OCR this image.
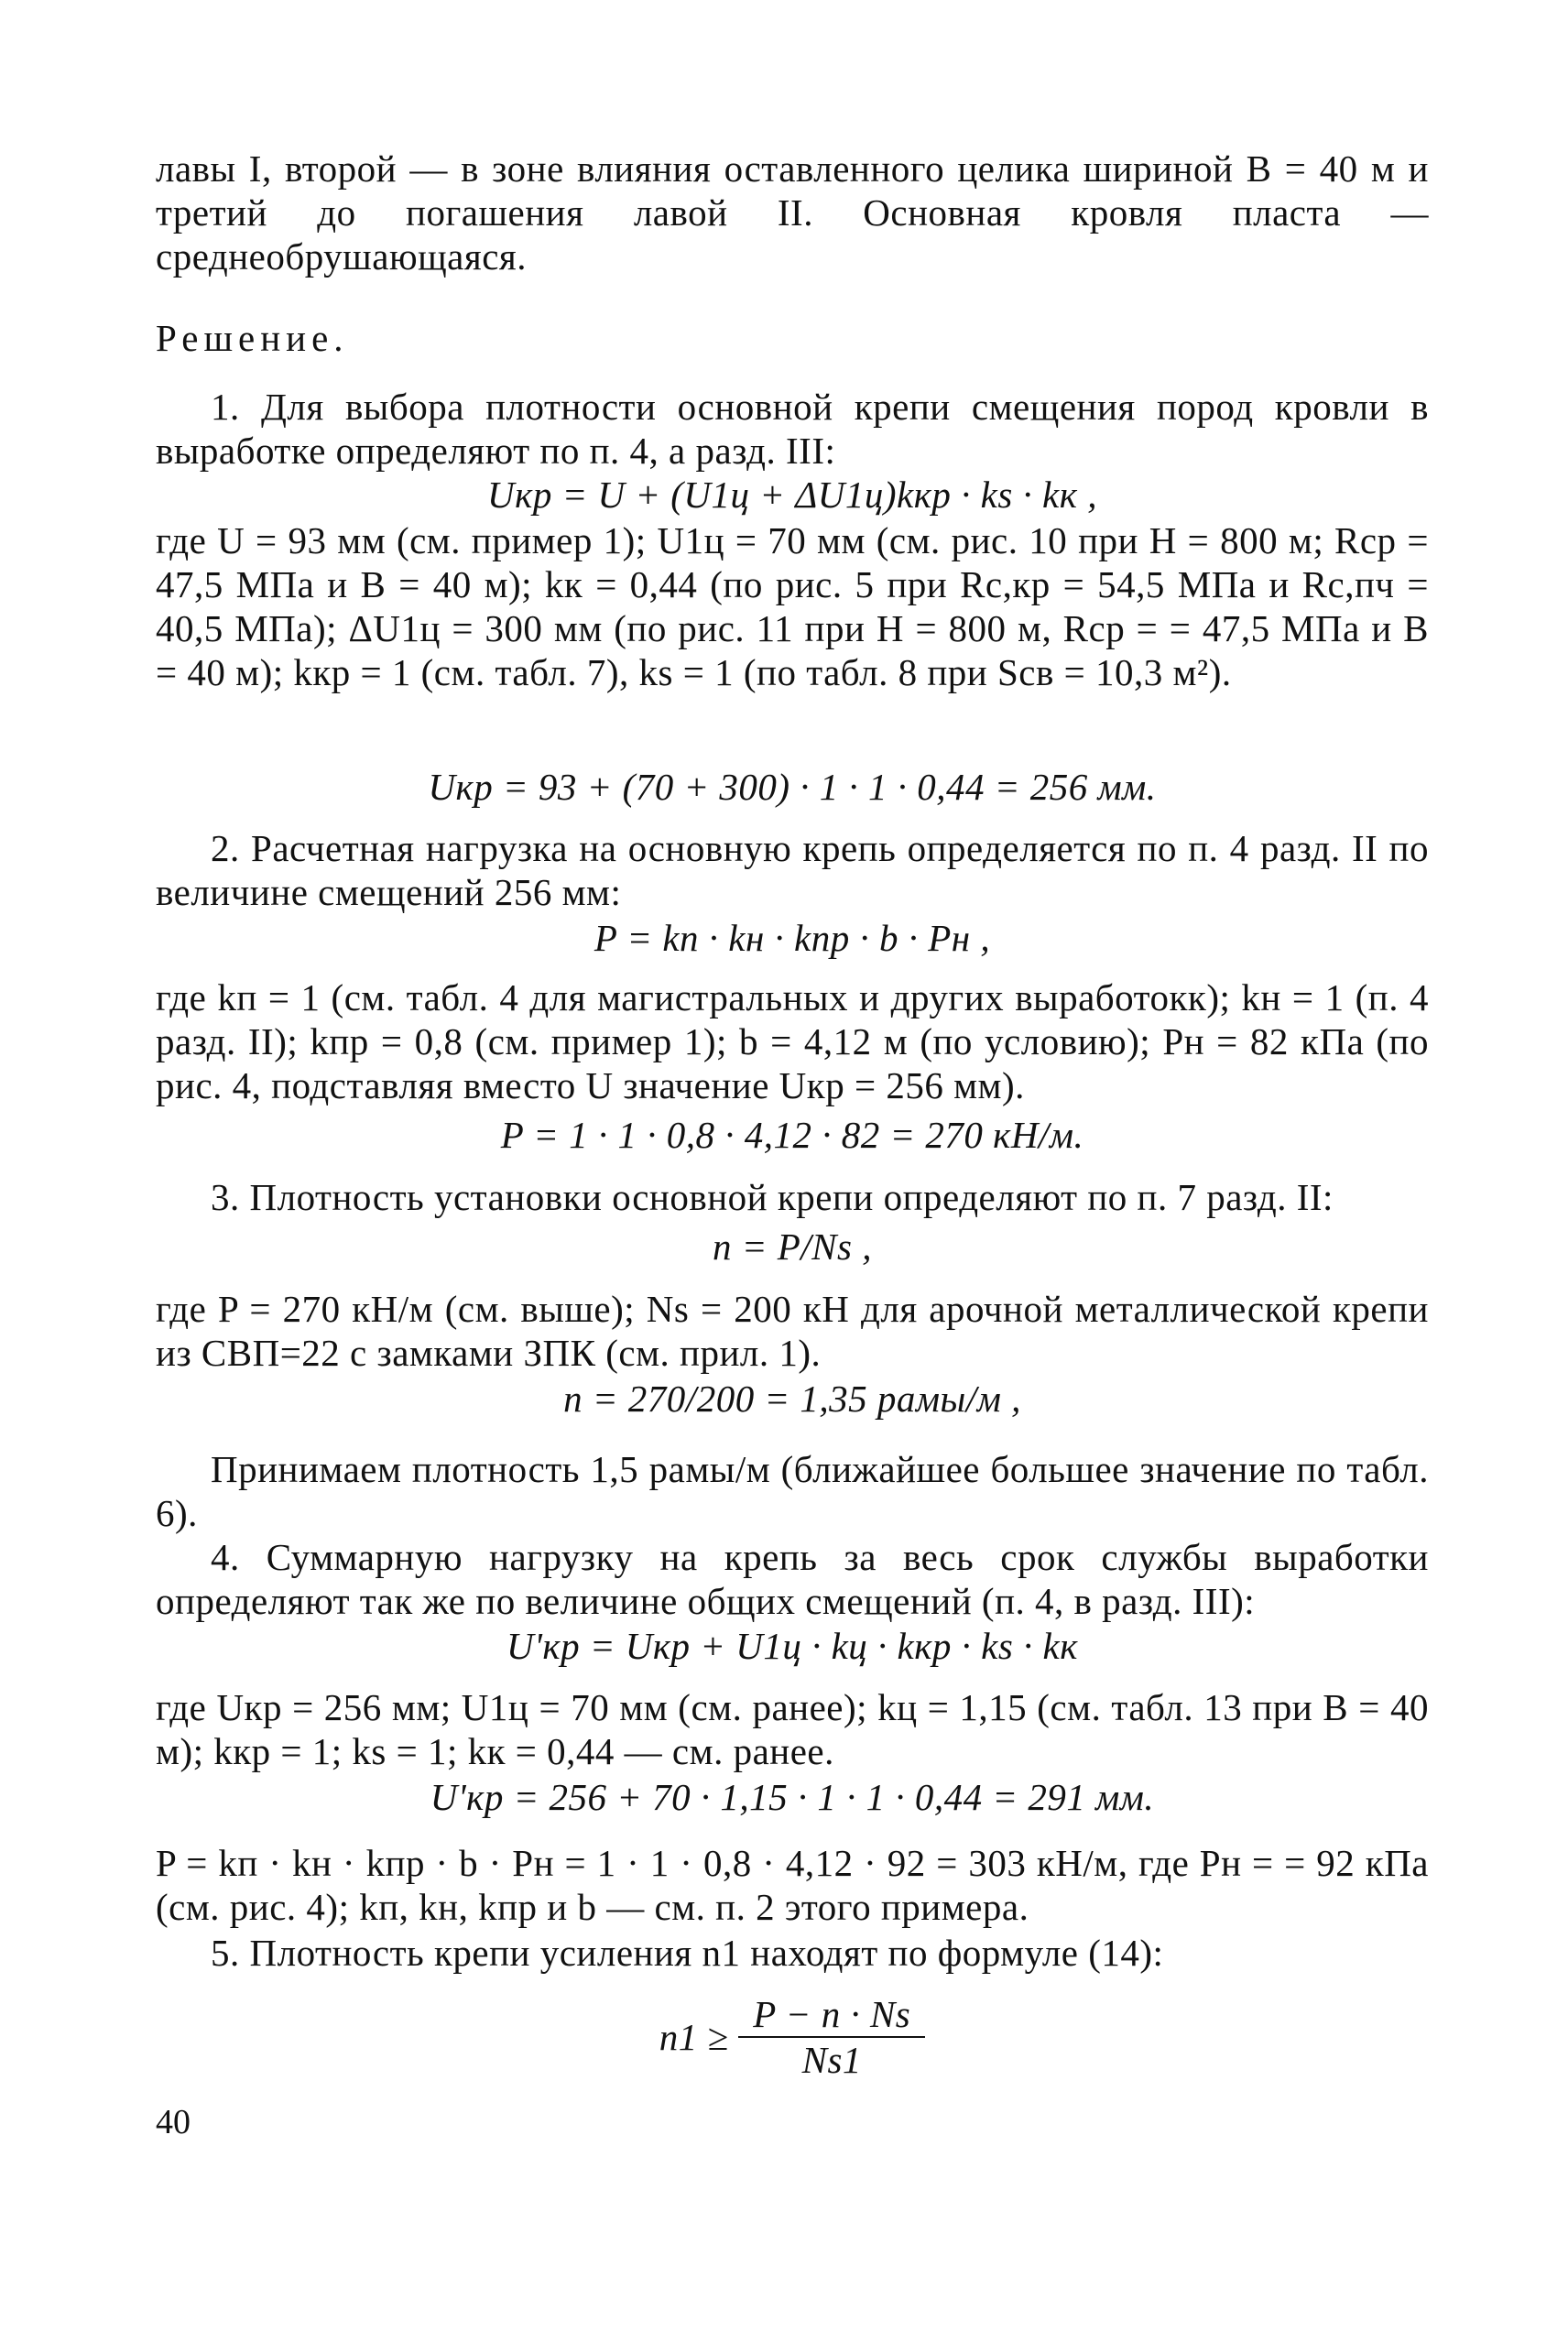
лавы I, второй — в зоне влияния оставленного целика шириной B = 40 м и третий до погашения лавой II. Основная кровля пласта — среднеобрушающаяся.

Решение.

1. Для выбора плотности основной крепи смещения пород кровли в выработке определяют по п. 4, а разд. III:

Uкр = U + (U1ц + ΔU1ц)kкр · ks · kк ,

где U = 93 мм (см. пример 1); U1ц = 70 мм (см. рис. 10 при H = 800 м; Rср = 47,5 МПа и B = 40 м); kк = 0,44 (по рис. 5 при Rс,кр = 54,5 МПа и Rс,пч = 40,5 МПа); ΔU1ц = 300 мм (по рис. 11 при H = 800 м, Rср = = 47,5 МПа и B = 40 м); kкр = 1 (см. табл. 7), ks = 1 (по табл. 8 при Sсв = 10,3 м²).

Uкр = 93 + (70 + 300) · 1 · 1 · 0,44 = 256 мм.

2. Расчетная нагрузка на основную крепь определяется по п. 4 разд. II по величине смещений 256 мм:

P = kп · kн · kпр · b · Pн ,

где kп = 1 (см. табл. 4 для магистральных и других выработокк); kн = 1 (п. 4 разд. II); kпр = 0,8 (см. пример 1); b = 4,12 м (по условию); Pн = 82 кПа (по рис. 4, подставляя вместо U значение Uкр = 256 мм).

P = 1 · 1 · 0,8 · 4,12 · 82 = 270 кН/м.

3. Плотность установки основной крепи определяют по п. 7 разд. II:

n = P/Ns ,

где P = 270 кН/м (см. выше); Ns = 200 кН для арочной металлической крепи из СВП=22 с замками ЗПК (см. прил. 1).

n = 270/200 = 1,35 рамы/м ,

Принимаем плотность 1,5 рамы/м (ближайшее большее значение по табл. 6).

4. Суммарную нагрузку на крепь за весь срок службы выработки определяют так же по величине общих смещений (п. 4, в разд. III):

U'кр = Uкр + U1ц · kц · kкр · ks · kк

где Uкр = 256 мм; U1ц = 70 мм (см. ранее); kц = 1,15 (см. табл. 13 при B = 40 м); kкр = 1; ks = 1; kк = 0,44 — см. ранее.

U'кр = 256 + 70 · 1,15 · 1 · 1 · 0,44 = 291 мм.

P = kп · kн · kпр · b · Pн = 1 · 1 · 0,8 · 4,12 · 92 = 303 кН/м, где Pн = = 92 кПа (см. рис. 4); kп, kн, kпр и b — см. п. 2 этого примера.

5. Плотность крепи усиления n1 находят по формуле (14):

$n1 \ge \frac{P - n \cdot Ns}{Ns1}$
40
